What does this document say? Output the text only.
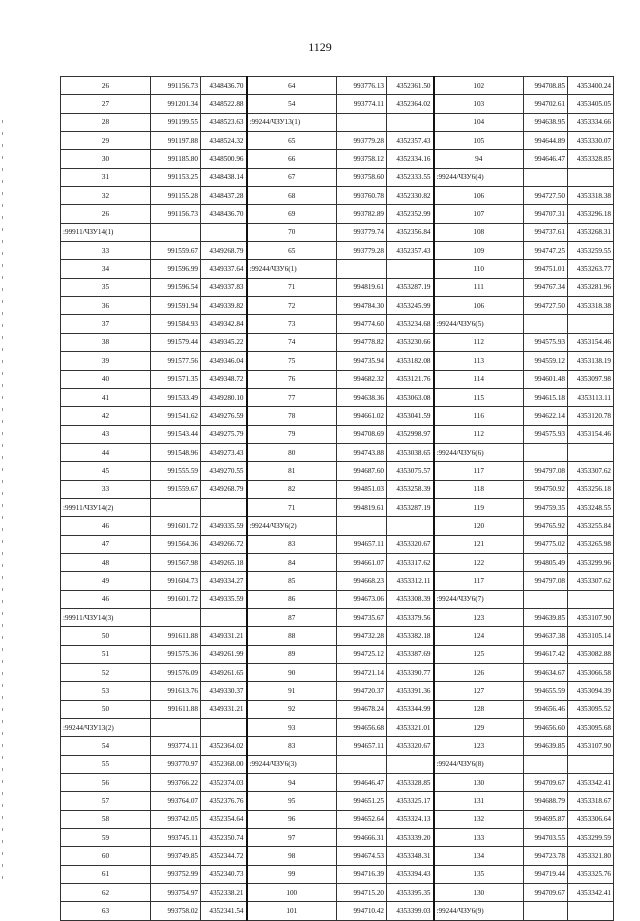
1129
26	991156.73	4348436.70	64	993776.13	4352361.50	102	994708.85	4353400.24
27	991201.34	4348522.88	54	993774.11	4352364.02	103	994702.61	4353405.05
28	991199.55	4348523.63	:99244/ЧЗУ13(1)			104	994638.95	4353334.66
29	991197.88	4348524.32	65	993779.28	4352357.43	105	994644.89	4353330.07
30	991185.80	4348500.96	66	993758.12	4352334.16	94	994646.47	4353328.85
31	991153.25	4348438.14	67	993758.60	4352333.55	:99244/ЧЗУ6(4)		
32	991155.28	4348437.28	68	993760.78	4352330.82	106	994727.50	4353318.38
26	991156.73	4348436.70	69	993782.89	4352352.99	107	994707.31	4353296.18
:99911/ЧЗУ14(1)			70	993779.74	4352356.84	108	994737.61	4353268.31
33	991559.67	4349268.79	65	993779.28	4352357.43	109	994747.25	4353259.55
34	991596.99	4349337.64	:99244/ЧЗУ6(1)			110	994751.01	4353263.77
35	991596.54	4349337.83	71	994819.61	4353287.19	111	994767.34	4353281.96
36	991591.94	4349339.82	72	994784.30	4353245.99	106	994727.50	4353318.38
37	991584.93	4349342.84	73	994774.60	4353234.68	:99244/ЧЗУ6(5)		
38	991579.44	4349345.22	74	994778.82	4353230.66	112	994575.93	4353154.46
39	991577.56	4349346.04	75	994735.94	4353182.08	113	994559.12	4353138.19
40	991571.35	4349348.72	76	994682.32	4353121.76	114	994601.48	4353097.98
41	991533.49	4349280.10	77	994638.36	4353063.08	115	994615.18	4353113.11
42	991541.62	4349276.59	78	994661.02	4353041.59	116	994622.14	4353120.78
43	991543.44	4349275.79	79	994708.69	4352998.97	112	994575.93	4353154.46
44	991548.96	4349273.43	80	994743.88	4353038.65	:99244/ЧЗУ6(6)		
45	991555.59	4349270.55	81	994687.60	4353075.57	117	994797.08	4353307.62
33	991559.67	4349268.79	82	994851.03	4353258.39	118	994750.92	4353256.18
:99911/ЧЗУ14(2)			71	994819.61	4353287.19	119	994759.35	4353248.55
46	991601.72	4349335.59	:99244/ЧЗУ6(2)			120	994765.92	4353255.84
47	991564.36	4349266.72	83	994657.11	4353320.67	121	994775.02	4353265.98
48	991567.98	4349265.18	84	994661.07	4353317.62	122	994805.49	4353299.96
49	991604.73	4349334.27	85	994668.23	4353312.11	117	994797.08	4353307.62
46	991601.72	4349335.59	86	994673.06	4353308.39	:99244/ЧЗУ6(7)		
:99911/ЧЗУ14(3)			87	994735.67	4353379.56	123	994639.85	4353107.90
50	991611.88	4349331.21	88	994732.28	4353382.18	124	994637.38	4353105.14
51	991575.36	4349261.99	89	994725.12	4353387.69	125	994617.42	4353082.88
52	991576.09	4349261.65	90	994721.14	4353390.77	126	994634.67	4353066.58
53	991613.76	4349330.37	91	994720.37	4353391.36	127	994655.59	4353094.39
50	991611.88	4349331.21	92	994678.24	4353344.99	128	994656.46	4353095.52
:99244/ЧЗУ13(2)			93	994656.68	4353321.01	129	994656.60	4353095.68
54	993774.11	4352364.02	83	994657.11	4353320.67	123	994639.85	4353107.90
55	993770.97	4352368.00	:99244/ЧЗУ6(3)			:99244/ЧЗУ6(8)		
56	993766.22	4352374.03	94	994646.47	4353328.85	130	994709.67	4353342.41
57	993764.07	4352376.76	95	994651.25	4353325.17	131	994688.79	4353318.67
58	993742.05	4352354.64	96	994652.64	4353324.13	132	994695.87	4353306.64
59	993745.11	4352350.74	97	994666.31	4353339.20	133	994703.55	4353299.59
60	993749.85	4352344.72	98	994674.53	4353348.31	134	994723.78	4353321.80
61	993752.99	4352340.73	99	994716.39	4353394.43	135	994719.44	4353325.76
62	993754.97	4352338.21	100	994715.20	4353395.35	130	994709.67	4353342.41
63	993758.02	4352341.54	101	994710.42	4353399.03	:99244/ЧЗУ6(9)		
